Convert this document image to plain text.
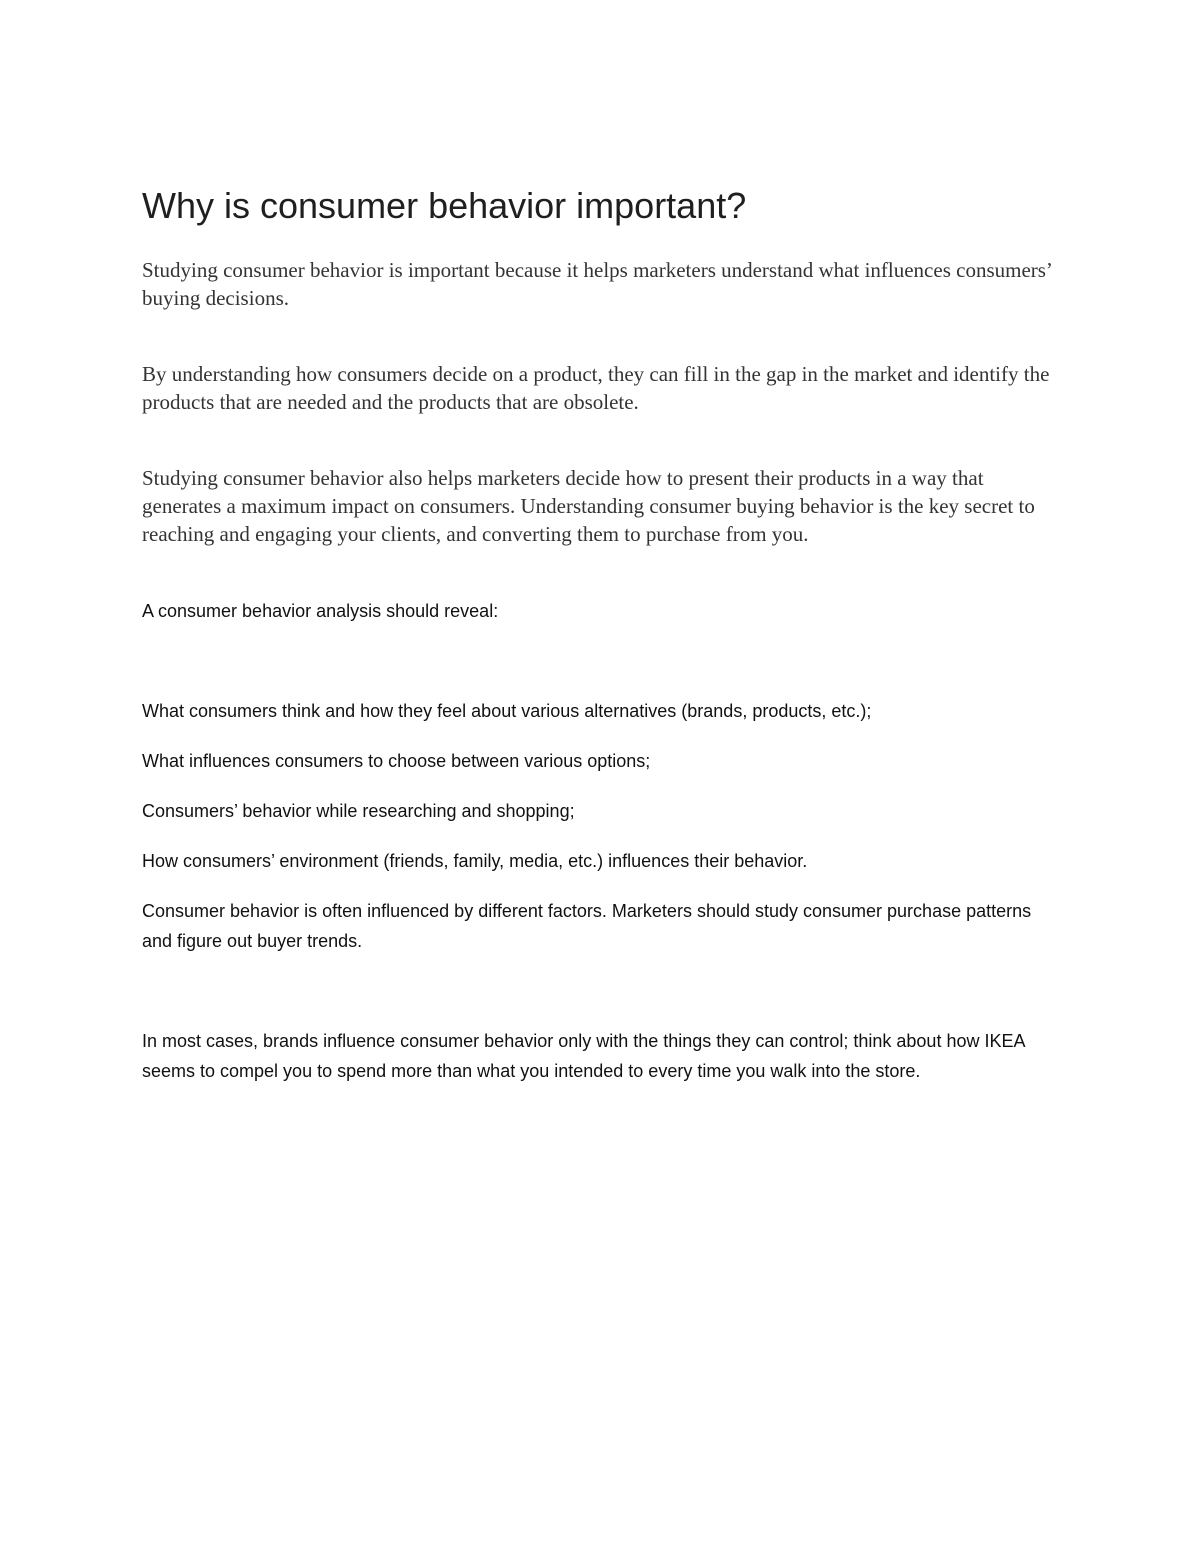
Why is consumer behavior important?

Studying consumer behavior is important because it helps marketers understand what influences consumers’ buying decisions.

By understanding how consumers decide on a product, they can fill in the gap in the market and identify the products that are needed and the products that are obsolete.

Studying consumer behavior also helps marketers decide how to present their products in a way that generates a maximum impact on consumers. Understanding consumer buying behavior is the key secret to reaching and engaging your clients, and converting them to purchase from you.

A consumer behavior analysis should reveal:

What consumers think and how they feel about various alternatives (brands, products, etc.);

What influences consumers to choose between various options;

Consumers’ behavior while researching and shopping;

How consumers’ environment (friends, family, media, etc.) influences their behavior.

Consumer behavior is often influenced by different factors. Marketers should study consumer purchase patterns and figure out buyer trends.

In most cases, brands influence consumer behavior only with the things they can control; think about how IKEA seems to compel you to spend more than what you intended to every time you walk into the store.
